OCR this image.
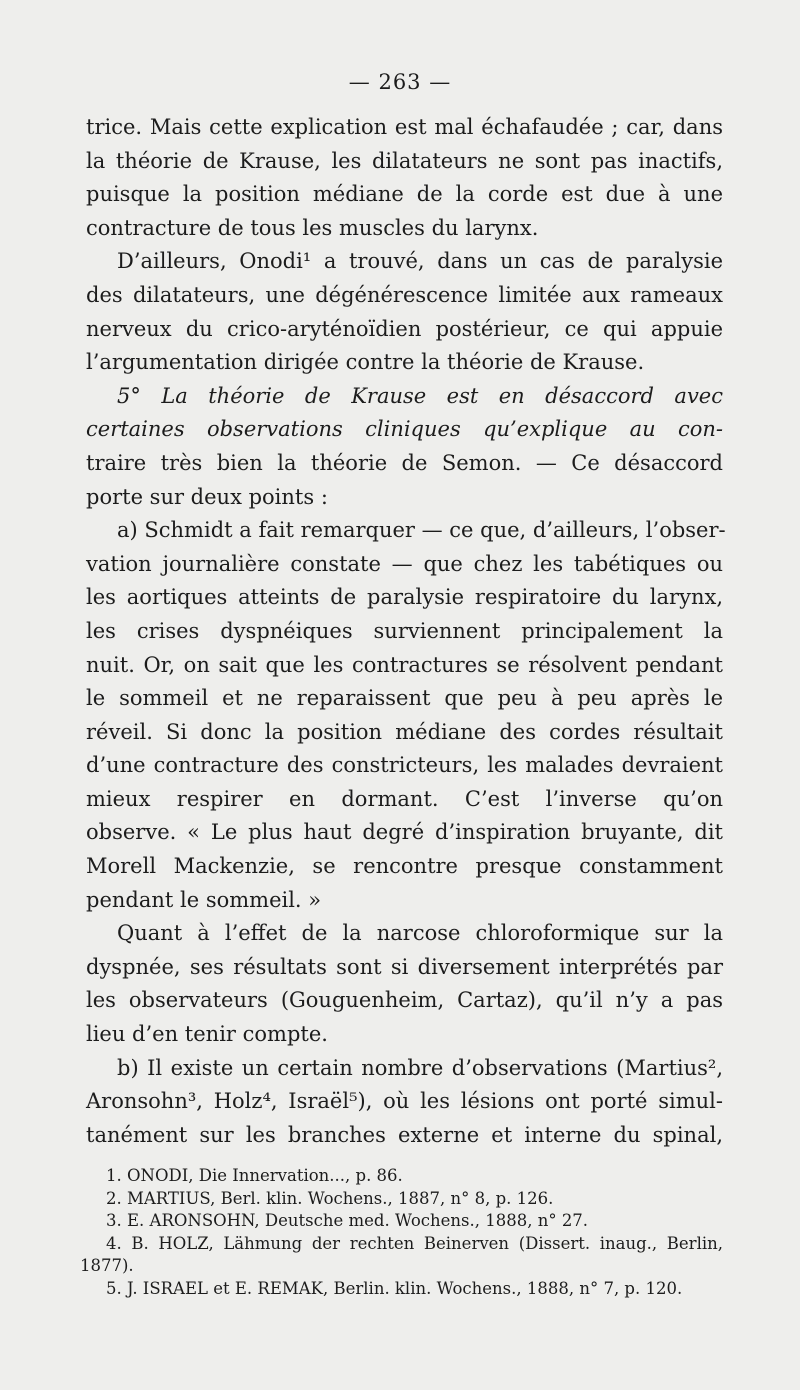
— 263 —
trice. Mais cette explication est mal échafaudée ; car, dans
la théorie de Krause, les dilatateurs ne sont pas inactifs,
puisque la position médiane de la corde est due à une
contracture de tous les muscles du larynx.
D’ailleurs, Onodi¹ a trouvé, dans un cas de paralysie
des dilatateurs, une dégénérescence limitée aux rameaux
nerveux du crico-aryténoïdien postérieur, ce qui appuie
l’argumentation dirigée contre la théorie de Krause.
5° La théorie de Krause est en désaccord avec
certaines observations cliniques qu’explique au con-
traire très bien la théorie de Semon. — Ce désaccord
porte sur deux points :
a) Schmidt a fait remarquer — ce que, d’ailleurs, l’obser-
vation journalière constate — que chez les tabétiques ou
les aortiques atteints de paralysie respiratoire du larynx,
les crises dyspnéiques surviennent principalement la
nuit. Or, on sait que les contractures se résolvent pendant
le sommeil et ne reparaissent que peu à peu après le
réveil. Si donc la position médiane des cordes résultait
d’une contracture des constricteurs, les malades devraient
mieux respirer en dormant. C’est l’inverse qu’on
observe. « Le plus haut degré d’inspiration bruyante, dit
Morell Mackenzie, se rencontre presque constamment
pendant le sommeil. »
Quant à l’effet de la narcose chloroformique sur la
dyspnée, ses résultats sont si diversement interprétés par
les observateurs (Gouguenheim, Cartaz), qu’il n’y a pas
lieu d’en tenir compte.
b) Il existe un certain nombre d’observations (Martius²,
Aronsohn³, Holz⁴, Israël⁵), où les lésions ont porté simul-
tanément sur les branches externe et interne du spinal,
1. ONODI, Die Innervation..., p. 86.
2. MARTIUS, Berl. klin. Wochens., 1887, n° 8, p. 126.
3. E. ARONSOHN, Deutsche med. Wochens., 1888, n° 27.
4. B. HOLZ, Lähmung der rechten Beinerven (Dissert. inaug., Berlin,
1877).
5. J. ISRAEL et E. REMAK, Berlin. klin. Wochens., 1888, n° 7, p. 120.
